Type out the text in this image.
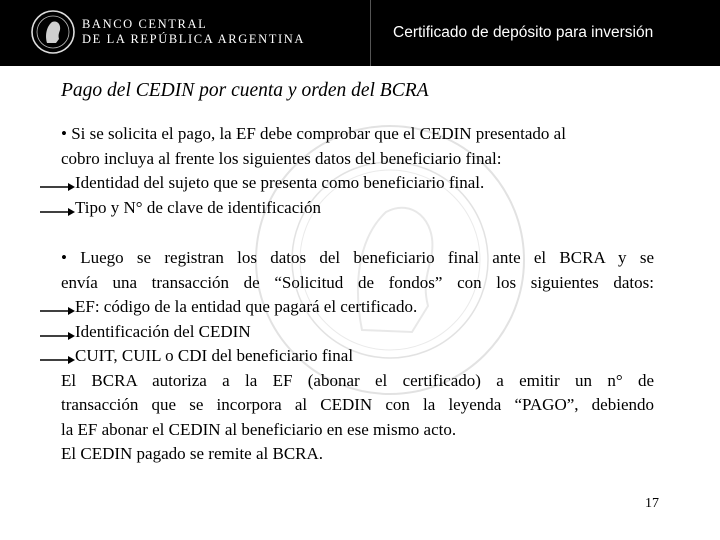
BANCO CENTRAL
DE LA REPÚBLICA ARGENTINA	Certificado de depósito para inversión
Pago del CEDIN por cuenta y orden del BCRA

• Si se solicita el pago, la EF debe comprobar que el CEDIN presentado al

cobro incluya al frente los siguientes datos del beneficiario final:

Identidad del sujeto que se presenta como beneficiario final.

Tipo y N° de clave de identificación

• Luego se registran los datos del beneficiario final ante el BCRA y se

envía una transacción de “Solicitud de fondos” con los siguientes datos:

EF: código de la entidad que pagará el certificado.

Identificación del CEDIN

CUIT, CUIL o CDI del beneficiario final

El BCRA autoriza a la EF (abonar el certificado) a emitir un n° de

transacción que se incorpora al CEDIN con la leyenda “PAGO”, debiendo

la EF abonar el CEDIN al beneficiario en ese mismo acto.

El CEDIN pagado se remite al BCRA.

17
